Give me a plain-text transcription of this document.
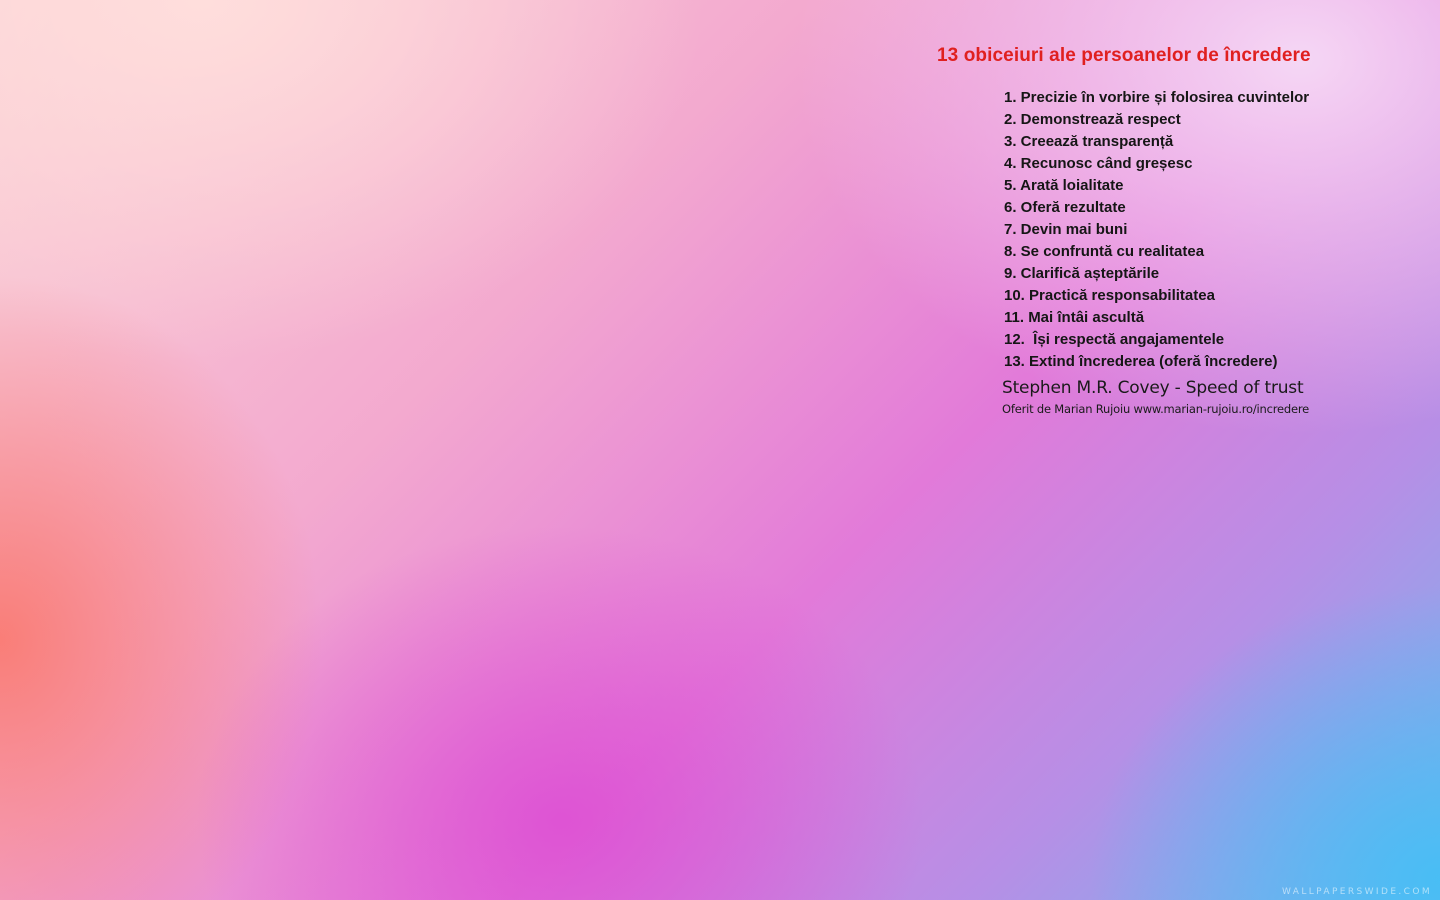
13 obiceiuri ale persoanelor de încredere
1. Precizie în vorbire și folosirea cuvintelor
2. Demonstrează respect
3. Creează transparență
4. Recunosc când greșesc
5. Arată loialitate
6. Oferă rezultate
7. Devin mai buni
8. Se confruntă cu realitatea
9. Clarifică așteptările
10. Practică responsabilitatea
11. Mai întâi ascultă
12.  Își respectă angajamentele
13. Extind încrederea (oferă încredere)
Stephen M.R. Covey - Speed of trust
Oferit de Marian Rujoiu www.marian-rujoiu.ro/incredere
WALLPAPERSWIDE.COM
